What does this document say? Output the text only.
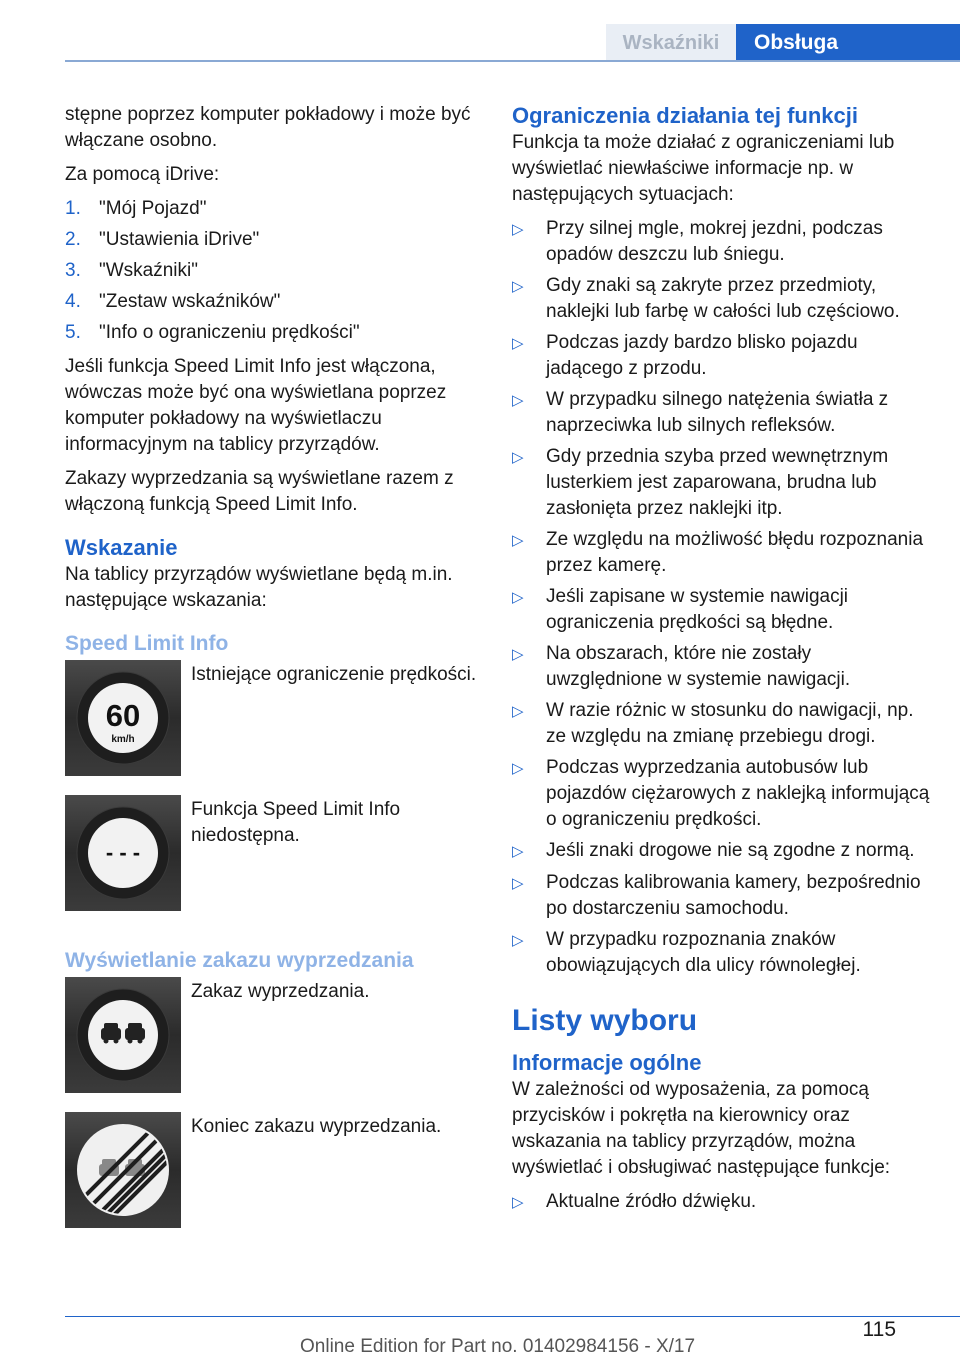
Wskaźniki	Obsługa

stępne poprzez komputer pokładowy i może być włączane osobno.

Za pomocą iDrive:

1. "Mój Pojazd"
2. "Ustawienia iDrive"
3. "Wskaźniki"
4. "Zestaw wskaźników"
5. "Info o ograniczeniu prędkości"

Jeśli funkcja Speed Limit Info jest włączona, wówczas może być ona wyświetlana poprzez komputer pokładowy na wyświetlaczu informacyjnym na tablicy przyrządów.

Zakazy wyprzedzania są wyświetlane razem z włączoną funkcją Speed Limit Info.

Wskazanie

Na tablicy przyrządów wyświetlane będą m.in. następujące wskazania:

Speed Limit Info
60
km/h
Istniejące ograniczenie prędkości.
- - -
Funkcja Speed Limit Info niedostępna.
Wyświetlanie zakazu wyprzedzania
Zakaz wyprzedzania.
Koniec zakazu wyprzedzania.
Ograniczenia działania tej funkcji

Funkcja ta może działać z ograniczeniami lub wyświetlać niewłaściwe informacje np. w następujących sytuacjach:

▷	Przy silnej mgle, mokrej jezdni, podczas opadów deszczu lub śniegu.
▷	Gdy znaki są zakryte przez przedmioty, naklejki lub farbę w całości lub częściowo.
▷	Podczas jazdy bardzo blisko pojazdu jadącego z przodu.
▷	W przypadku silnego natężenia światła z naprzeciwka lub silnych refleksów.
▷	Gdy przednia szyba przed wewnętrznym lusterkiem jest zaparowana, brudna lub zasłonięta przez naklejki itp.
▷	Ze względu na możliwość błędu rozpoznania przez kamerę.
▷	Jeśli zapisane w systemie nawigacji ograniczenia prędkości są błędne.
▷	Na obszarach, które nie zostały uwzględnione w systemie nawigacji.
▷	W razie różnic w stosunku do nawigacji, np. ze względu na zmianę przebiegu drogi.
▷	Podczas wyprzedzania autobusów lub pojazdów ciężarowych z naklejką informującą o ograniczeniu prędkości.
▷	Jeśli znaki drogowe nie są zgodne z normą.
▷	Podczas kalibrowania kamery, bezpośrednio po dostarczeniu samochodu.
▷	W przypadku rozpoznania znaków obowiązujących dla ulicy równoległej.
Listy wyboru
Informacje ogólne

W zależności od wyposażenia, za pomocą przycisków i pokrętła na kierownicy oraz wskazania na tablicy przyrządów, można wyświetlać i obsługiwać następujące funkcje:

▷	Aktualne źródło dźwięku.
115
Online Edition for Part no. 01402984156 - X/17
